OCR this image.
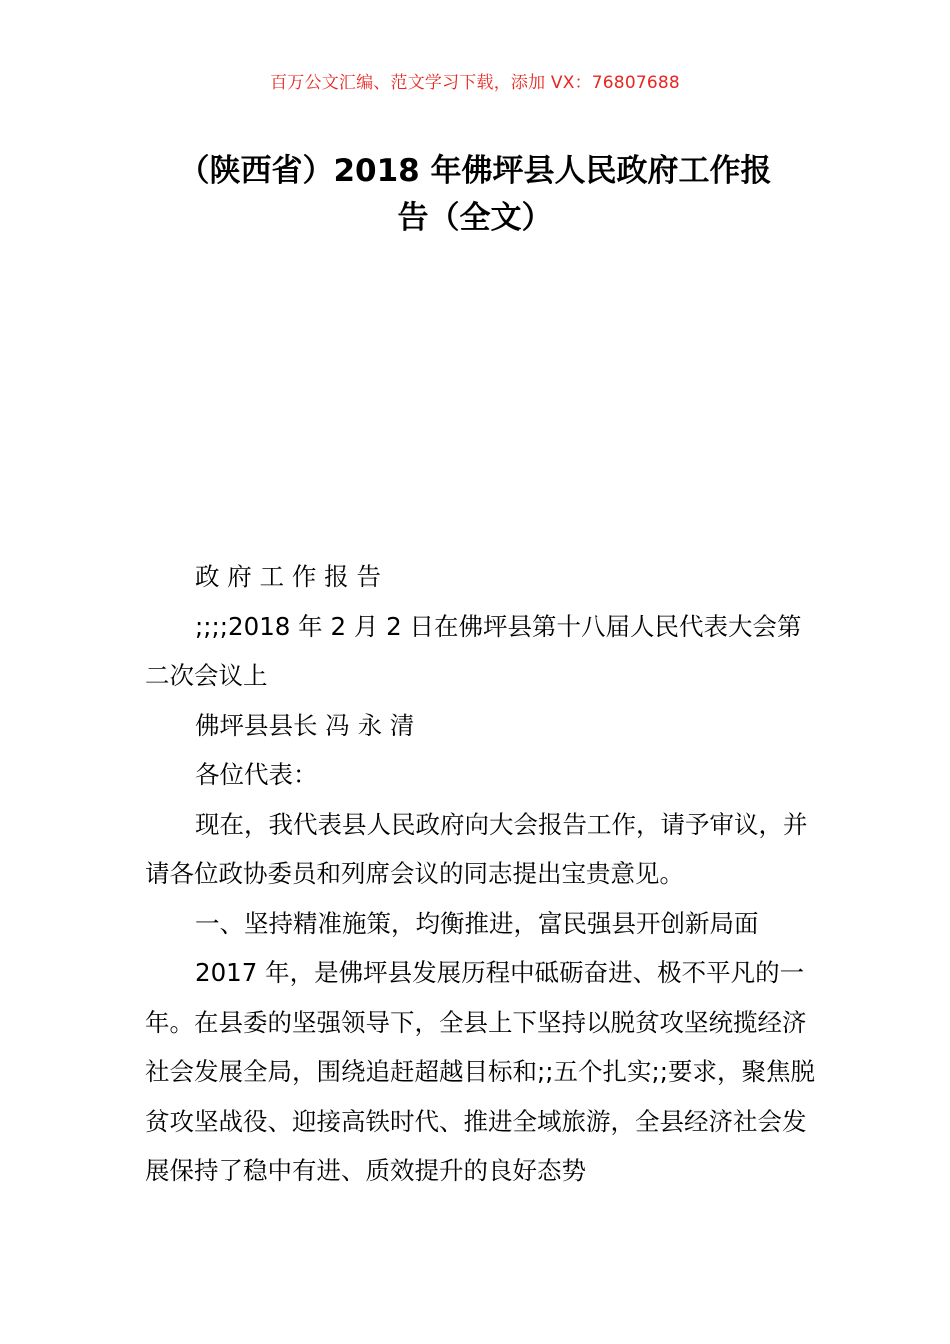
百万公文汇编、范文学习下载，添加 VX：76807688
（陕西省）2018 年佛坪县人民政府工作报
告（全文）

政 府 工 作 报 告

;;;;2018 年 2 月 2 日在佛坪县第十八届人民代表大会第二次会议上

佛坪县县长 冯 永 清

各位代表：

现在，我代表县人民政府向大会报告工作，请予审议，并请各位政协委员和列席会议的同志提出宝贵意见。

一、坚持精准施策，均衡推进，富民强县开创新局面

2017 年，是佛坪县发展历程中砥砺奋进、极不平凡的一年。在县委的坚强领导下，全县上下坚持以脱贫攻坚统揽经济社会发展全局，围绕追赶超越目标和;;五个扎实;;要求，聚焦脱贫攻坚战役、迎接高铁时代、推进全域旅游，全县经济社会发展保持了稳中有进、质效提升的良好态势
